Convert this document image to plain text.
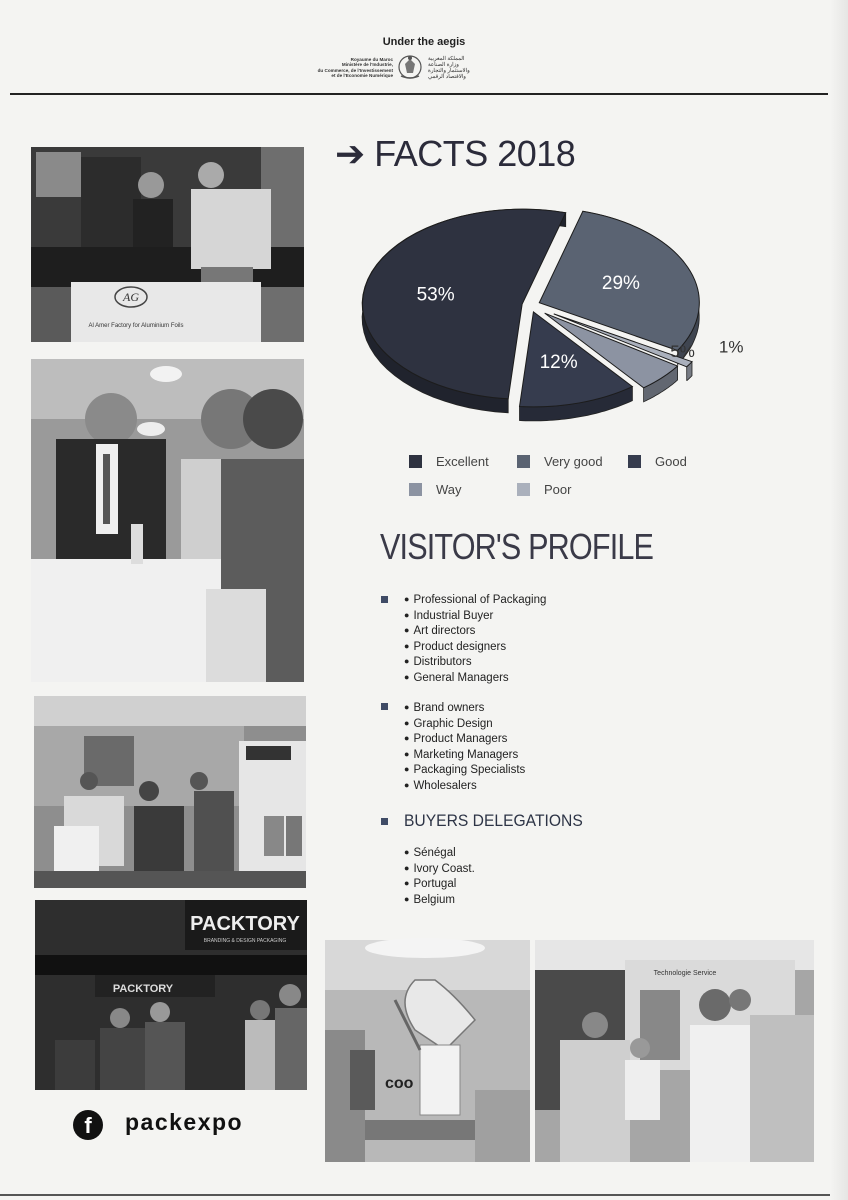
Under the aegis
Royaume du Maroc
Ministère de l'Industrie,
du Commerce, de l'Investissement
et de l'Economie Numérique
المملكة المغربية
وزارة الصناعة
والاستثمار والتجارة
والاقتصاد الرقمي
AG
Al Amer Factory for Aluminium Foils
PACKTORY
BRANDING & DESIGN PACKAGING
PACKTORY
coo
Technologie Service
➔ FACTS 2018
53%
29%
1%
5%
12%
Excellent	Very good	Good
Way	Poor
VISITOR'S PROFILE
● Professional of Packaging
● Industrial Buyer
● Art directors
● Product designers
● Distributors
● General Managers
● Brand owners
● Graphic Design
● Product Managers
● Marketing Managers
● Packaging Specialists
● Wholesalers
BUYERS DELEGATIONS
● Sénégal
● Ivory Coast.
● Portugal
● Belgium
f	packexpo
